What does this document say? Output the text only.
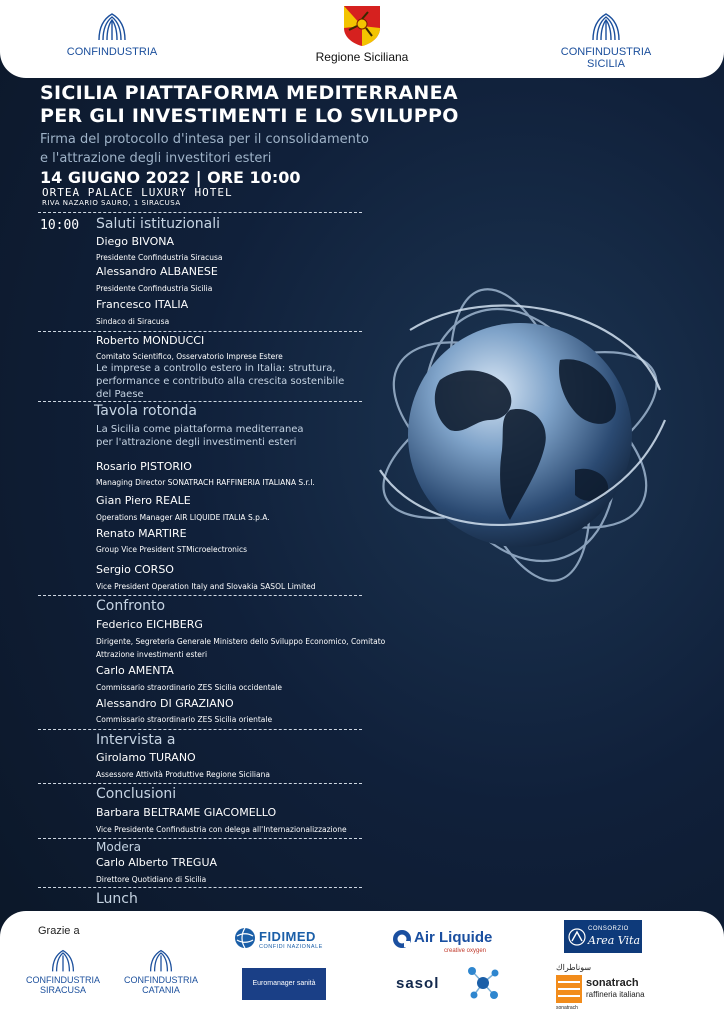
CONFINDUSTRIA	Regione Siciliana	CONFINDUSTRIA
SICILIA
SICILIA PIATTAFORMA MEDITERRANEA
PER GLI INVESTIMENTI E LO SVILUPPO
Firma del protocollo d'intesa per il consolidamento
e l'attrazione degli investitori esteri
14 GIUGNO 2022 | ORE 10:00
ORTEA PALACE LUXURY HOTEL
RIVA NAZARIO SAURO, 1 SIRACUSA
10:00 Saluti istituzionali
Diego BIVONA
Presidente Confindustria Siracusa
Alessandro ALBANESE
Presidente Confindustria Sicilia
Francesco ITALIA
Sindaco di Siracusa
Roberto MONDUCCI
Comitato Scientifico, Osservatorio Imprese Estere
Le imprese a controllo estero in Italia: struttura,
performance e contributo alla crescita sostenibile
del Paese
Tavola rotonda
La Sicilia come piattaforma mediterranea
per l'attrazione degli investimenti esteri
Rosario PISTORIO
Managing Director SONATRACH RAFFINERIA ITALIANA S.r.l.
Gian Piero REALE
Operations Manager AIR LIQUIDE ITALIA S.p.A.
Renato MARTIRE
Group Vice President STMicroelectronics
Sergio CORSO
Vice President Operation Italy and Slovakia SASOL Limited
Confronto
Federico EICHBERG
Dirigente, Segreteria Generale Ministero dello Sviluppo Economico, Comitato
Attrazione investimenti esteri
Carlo AMENTA
Commissario straordinario ZES Sicilia occidentale
Alessandro DI GRAZIANO
Commissario straordinario ZES Sicilia orientale
Intervista a
Girolamo TURANO
Assessore Attività Produttive Regione Siciliana
Conclusioni
Barbara BELTRAME GIACOMELLO
Vice Presidente Confindustria con delega all'Internazionalizzazione
Modera
Carlo Alberto TREGUA
Direttore Quotidiano di Sicilia
Lunch
Grazie a
CONFINDUSTRIA
SIRACUSA
CONFINDUSTRIA
CATANIA
FIDIMED
CONFIDI NAZIONALE
Euromanager sanità
Air Liquide
creative oxygen
sasol
CONSORZIO
Area Vita
سوناطراك
sonatrach
raffineria italiana
sonatrach
